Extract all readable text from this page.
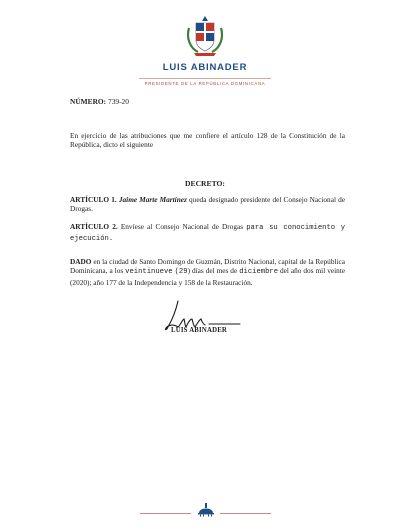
LUIS ABINADER
PRESIDENTE DE LA REPÚBLICA DOMINICANA
NÚMERO: 739-20
En ejercicio de las atribuciones que me confiere el artículo 128 de la Constitución de la República, dicto el siguiente
DECRETO:
ARTÍCULO 1. Jaime Marte Martínez queda designado presidente del Consejo Nacional de Drogas.
ARTÍCULO 2. Envíese al Consejo Nacional de Drogas para su conocimiento y ejecución.
DADO en la ciudad de Santo Domingo de Guzmán, Distrito Nacional, capital de la República Dominicana, a los veintinueve (29) días del mes de diciembre del año dos mil veinte (2020); año 177 de la Independencia y 158 de la Restauración.
LUIS ABINADER
